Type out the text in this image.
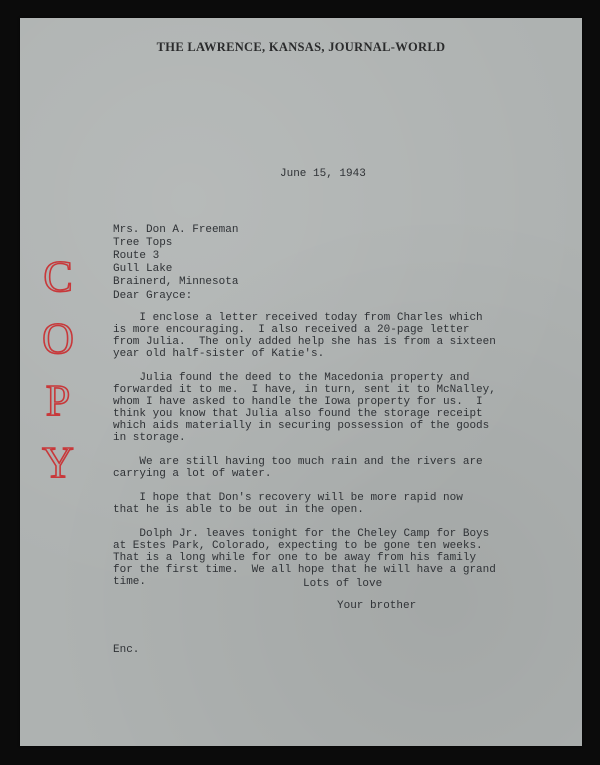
THE LAWRENCE, KANSAS, JOURNAL-WORLD
June 15, 1943
Mrs. Don A. Freeman
Tree Tops
Route 3
Gull Lake
Brainerd, Minnesota
C
O
P
Y
Dear Grayce:
I enclose a letter received today from Charles which
is more encouraging.  I also received a 20-page letter
from Julia.  The only added help she has is from a sixteen
year old half-sister of Katie's.
Julia found the deed to the Macedonia property and
forwarded it to me.  I have, in turn, sent it to McNalley,
whom I have asked to handle the Iowa property for us.  I
think you know that Julia also found the storage receipt
which aids materially in securing possession of the goods
in storage.
We are still having too much rain and the rivers are
carrying a lot of water.
I hope that Don's recovery will be more rapid now
that he is able to be out in the open.
Dolph Jr. leaves tonight for the Cheley Camp for Boys
at Estes Park, Colorado, expecting to be gone ten weeks.
That is a long while for one to be away from his family
for the first time.  We all hope that he will have a grand
time.	Lots of love
Your brother
Enc.
